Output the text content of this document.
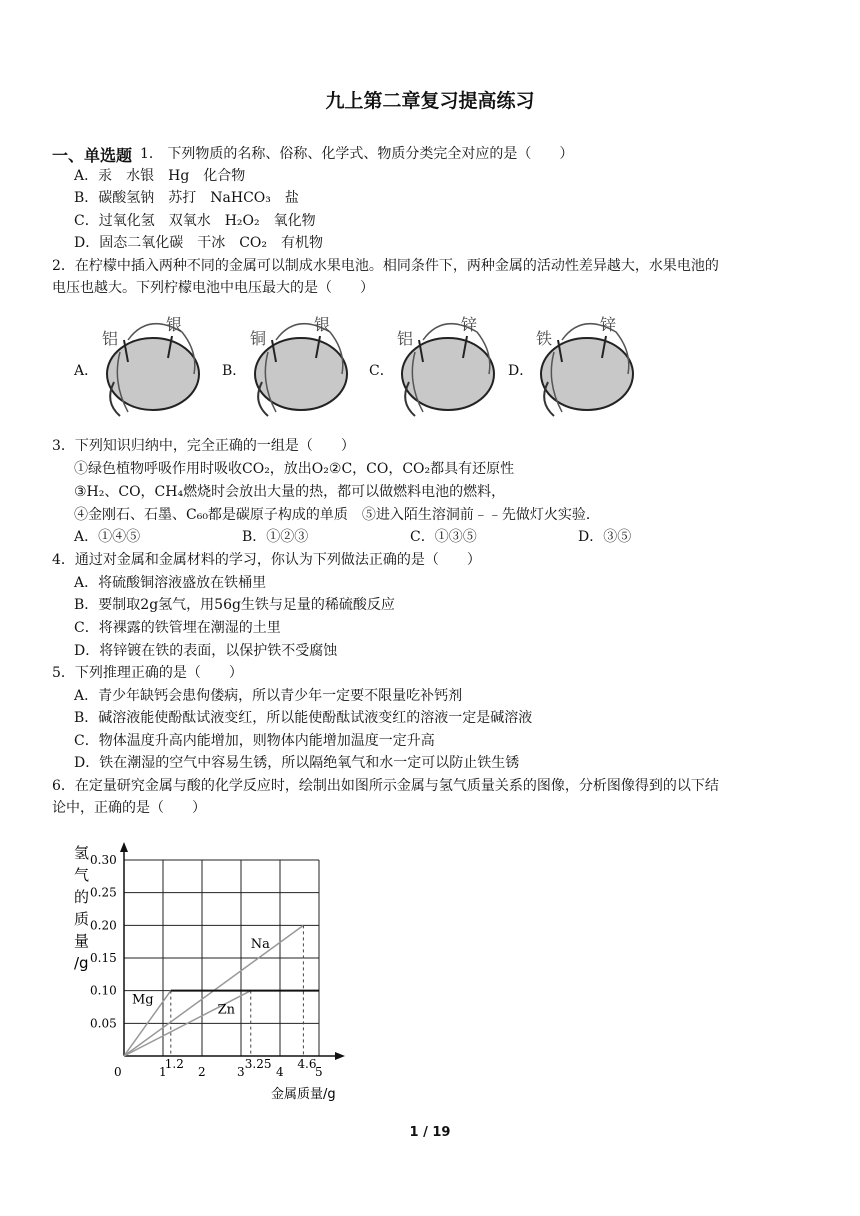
九上第二章复习提高练习
一、单选题 1． 下列物质的名称、俗称、化学式、物质分类完全对应的是（　　）
A．汞　水银　Hg　化合物
B．碳酸氢钠　苏打　NaHCO₃　盐
C．过氧化氢　双氧水　H₂O₂　氧化物
D．固态二氧化碳　干冰　CO₂　有机物
2．在柠檬中插入两种不同的金属可以制成水果电池。相同条件下，两种金属的活动性差异越大，水果电池的
电压也越大。下列柠檬电池中电压最大的是（　　）
A．
铝
银
B．
铜
银
C．
铝
锌
D．
铁
锌
3．下列知识归纳中，完全正确的一组是（　　）
①绿色植物呼吸作用时吸收CO₂，放出O₂②C，CO，CO₂都具有还原性
③H₂、CO，CH₄燃烧时会放出大量的热，都可以做燃料电池的燃料，
④金刚石、石墨、C₆₀都是碳原子构成的单质　⑤进入陌生溶洞前﹣﹣先做灯火实验．
A．①④⑤	B．①②③	C．①③⑤	D．③⑤
4．通过对金属和金属材料的学习，你认为下列做法正确的是（　　）
A．将硫酸铜溶液盛放在铁桶里
B．要制取2g氢气，用56g生铁与足量的稀硫酸反应
C．将裸露的铁管埋在潮湿的土里
D．将锌镀在铁的表面，以保护铁不受腐蚀
5．下列推理正确的是（　　）
A．青少年缺钙会患佝偻病，所以青少年一定要不限量吃补钙剂
B．碱溶液能使酚酞试液变红，所以能使酚酞试液变红的溶液一定是碱溶液
C．物体温度升高内能增加，则物体内能增加温度一定升高
D．铁在潮湿的空气中容易生锈，所以隔绝氧气和水一定可以防止铁生锈
6．在定量研究金属与酸的化学反应时，绘制出如图所示金属与氢气质量关系的图像，分析图像得到的以下结
论中，正确的是（　　）
0.05
0.10
0.15
0.20
0.25
0.30
0	1	2	3	4	5
1.2	3.25 4.6
Mg
Zn
Na
氢
气
的
质
量
/g
金属质量/g
1 / 19
